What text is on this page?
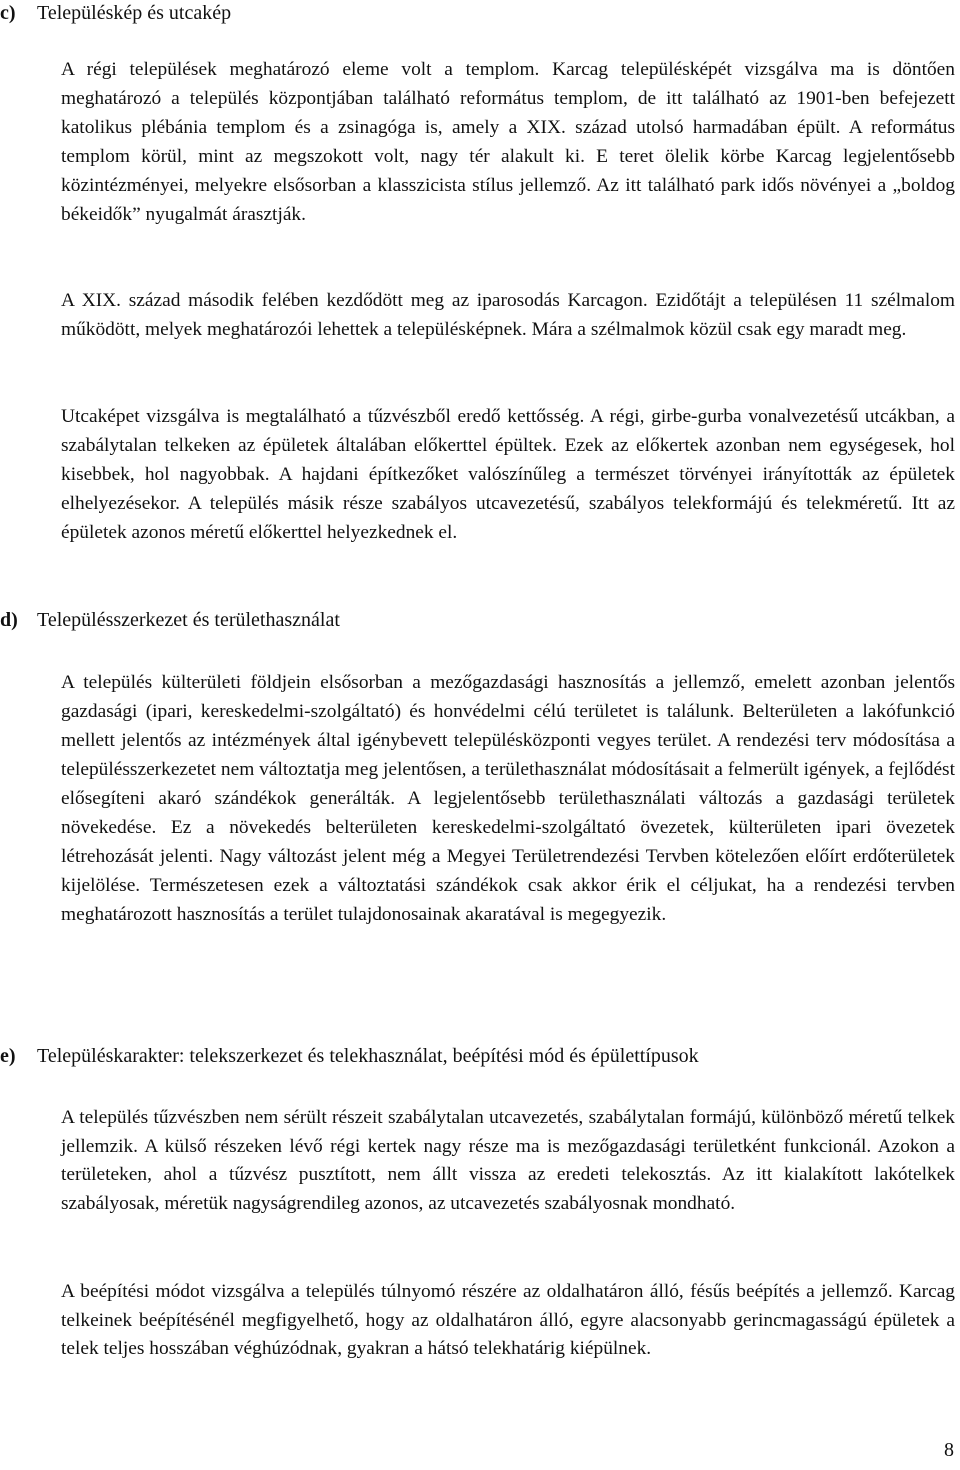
c) Településkép és utcakép

A régi települések meghatározó eleme volt a templom. Karcag településképét vizsgálva ma is döntően meghatározó a település központjában található református templom, de itt található az 1901-ben befejezett katolikus plébánia templom és a zsinagóga is, amely a XIX. század utolsó harmadában épült. A református templom körül, mint az megszokott volt, nagy tér alakult ki. E teret ölelik körbe Karcag legjelentősebb közintézményei, melyekre elsősorban a klasszicista stílus jellemző. Az itt található park idős növényei a „boldog békeidők” nyugalmát árasztják.

A XIX. század második felében kezdődött meg az iparosodás Karcagon. Ezidőtájt a településen 11 szélmalom működött, melyek meghatározói lehettek a településképnek. Mára a szélmalmok közül csak egy maradt meg.

Utcaképet vizsgálva is megtalálható a tűzvészből eredő kettősség. A régi, girbe-gurba vonalvezetésű utcákban, a szabálytalan telkeken az épületek általában előkerttel épültek. Ezek az előkertek azonban nem egységesek, hol kisebbek, hol nagyobbak. A hajdani építkezőket valószínűleg a természet törvényei irányították az épületek elhelyezésekor. A település másik része szabályos utcavezetésű, szabályos telekformájú és telekméretű. Itt az épületek azonos méretű előkerttel helyezkednek el.

d) Településszerkezet és területhasználat

A település külterületi földjein elsősorban a mezőgazdasági hasznosítás a jellemző, emelett azonban jelentős gazdasági (ipari, kereskedelmi-szolgáltató) és honvédelmi célú területet is találunk. Belterületen a lakófunkció mellett jelentős az intézmények által igénybevett településközponti vegyes terület. A rendezési terv módosítása a településszerkezetet nem változtatja meg jelentősen, a területhasználat módosításait a felmerült igények, a fejlődést elősegíteni akaró szándékok generálták. A legjelentősebb területhasználati változás a gazdasági területek növekedése. Ez a növekedés belterületen kereskedelmi-szolgáltató övezetek, külterületen ipari övezetek létrehozását jelenti. Nagy változást jelent még a Megyei Területrendezési Tervben kötelezően előírt erdőterületek kijelölése. Természetesen ezek a változtatási szándékok csak akkor érik el céljukat, ha a rendezési tervben meghatározott hasznosítás a terület tulajdonosainak akaratával is megegyezik.

e) Településkarakter: telekszerkezet és telekhasználat, beépítési mód és épülettípusok

A település tűzvészben nem sérült részeit szabálytalan utcavezetés, szabálytalan formájú, különböző méretű telkek jellemzik. A külső részeken lévő régi kertek nagy része ma is mezőgazdasági területként funkcionál. Azokon a területeken, ahol a tűzvész pusztított, nem állt vissza az eredeti telekosztás. Az itt kialakított lakótelkek szabályosak, méretük nagyságrendileg azonos, az utcavezetés szabályosnak mondható.

A beépítési módot vizsgálva a település túlnyomó részére az oldalhatáron álló, fésűs beépítés a jellemző. Karcag telkeinek beépítésénél megfigyelhető, hogy az oldalhatáron álló, egyre alacsonyabb gerincmagasságú épületek a telek teljes hosszában véghúzódnak, gyakran a hátsó telekhatárig kiépülnek.

8
